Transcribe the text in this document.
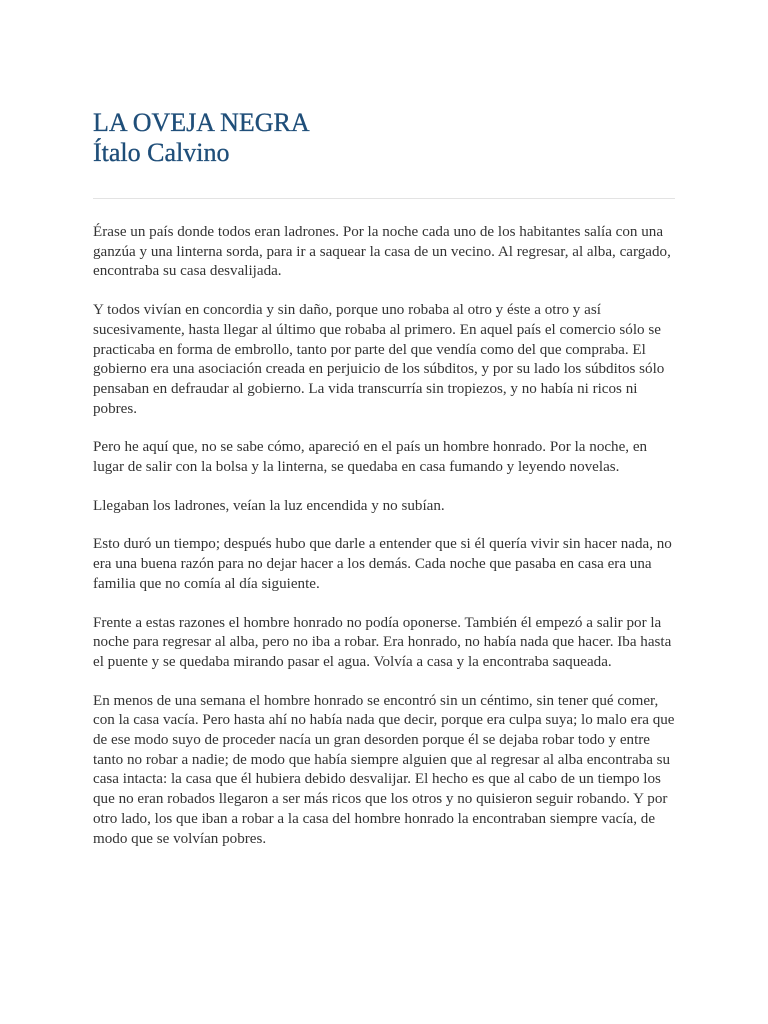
LA OVEJA NEGRA
Ítalo Calvino

Érase un país donde todos eran ladrones. Por la noche cada uno de los habitantes salía con una ganzúa y una linterna sorda, para ir a saquear la casa de un vecino. Al regresar, al alba, cargado, encontraba su casa desvalijada.

Y todos vivían en concordia y sin daño, porque uno robaba al otro y éste a otro y así sucesivamente, hasta llegar al último que robaba al primero. En aquel país el comercio sólo se practicaba en forma de embrollo, tanto por parte del que vendía como del que compraba. El gobierno era una asociación creada en perjuicio de los súbditos, y por su lado los súbditos sólo pensaban en defraudar al gobierno. La vida transcurría sin tropiezos, y no había ni ricos ni pobres.

Pero he aquí que, no se sabe cómo, apareció en el país un hombre honrado. Por la noche, en lugar de salir con la bolsa y la linterna, se quedaba en casa fumando y leyendo novelas.

Llegaban los ladrones, veían la luz encendida y no subían.

Esto duró un tiempo; después hubo que darle a entender que si él quería vivir sin hacer nada, no era una buena razón para no dejar hacer a los demás. Cada noche que pasaba en casa era una familia que no comía al día siguiente.

Frente a estas razones el hombre honrado no podía oponerse. También él empezó a salir por la noche para regresar al alba, pero no iba a robar. Era honrado, no había nada que hacer. Iba hasta el puente y se quedaba mirando pasar el agua. Volvía a casa y la encontraba saqueada.

En menos de una semana el hombre honrado se encontró sin un céntimo, sin tener qué comer, con la casa vacía. Pero hasta ahí no había nada que decir, porque era culpa suya; lo malo era que de ese modo suyo de proceder nacía un gran desorden porque él se dejaba robar todo y entre tanto no robar a nadie; de modo que había siempre alguien que al regresar al alba encontraba su casa intacta: la casa que él hubiera debido desvalijar. El hecho es que al cabo de un tiempo los que no eran robados llegaron a ser más ricos que los otros y no quisieron seguir robando. Y por otro lado, los que iban a robar a la casa del hombre honrado la encontraban siempre vacía, de modo que se volvían pobres.
